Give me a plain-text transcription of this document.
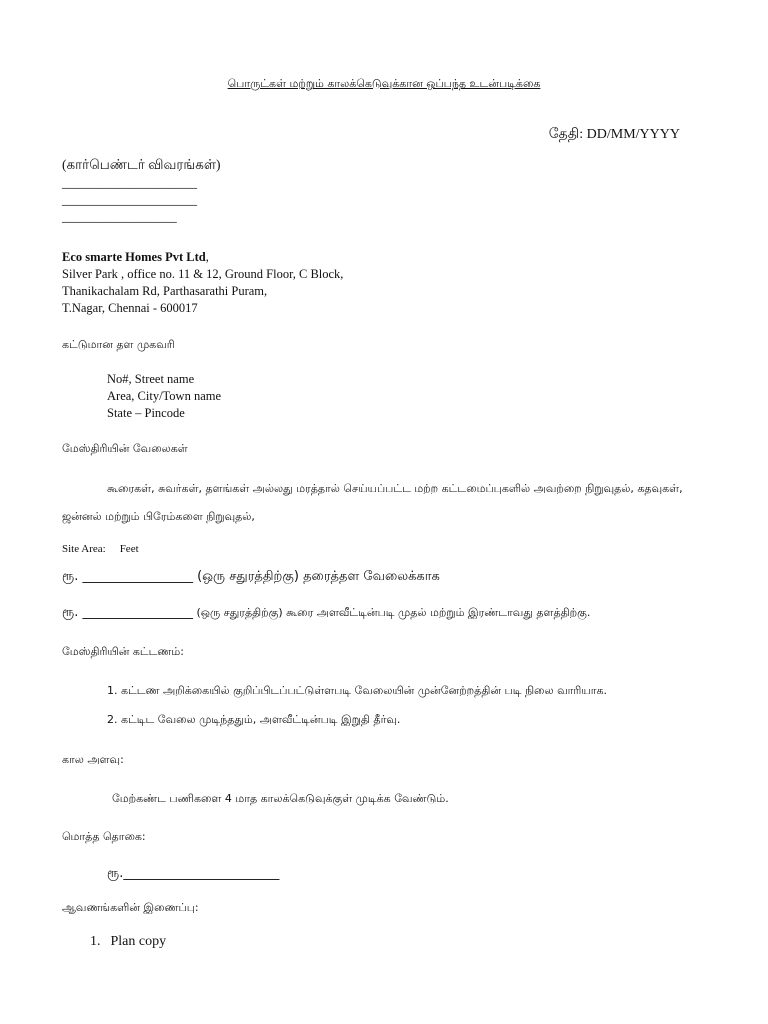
பொருட்கள் மற்றும் காலக்கெடுவுக்கான ஒப்பந்த உடன்படிக்கை
தேதி: DD/MM/YYYY
(கார்பெண்டர் விவரங்கள்)
____________________
____________________
_________________
Eco smarte Homes Pvt Ltd,
Silver Park , office no. 11 & 12, Ground Floor, C Block,
Thanikachalam Rd, Parthasarathi Puram,
T.Nagar, Chennai - 600017
கட்டுமான தள முகவரி
No#, Street name
Area, City/Town name
State – Pincode
மேஸ்திரியின் வேலைகள்
கூரைகள், சுவர்கள், தளங்கள் அல்லது மரத்தால் செய்யப்பட்ட மற்ற கட்டமைப்புகளில் அவற்றை நிறுவுதல், கதவுகள்,
ஜன்னல் மற்றும் பிரேம்களை நிறுவுதல்,
Site Area: Feet
ரூ. _________________ (ஒரு சதுரத்திற்கு) தரைத்தள வேலைக்காக
ரூ. _________________ (ஒரு சதுரத்திற்கு) கூரை அளவீட்டின்படி முதல் மற்றும் இரண்டாவது தளத்திற்கு.
மேஸ்திரியின் கட்டணம்:
1. கட்டண அறிக்கையில் குறிப்பிடப்பட்டுள்ளபடி வேலையின் முன்னேற்றத்தின் படி நிலை வாரியாக.
2. கட்டிட வேலை முடிந்ததும், அளவீட்டின்படி இறுதி தீர்வு.
கால அளவு:
மேற்கண்ட பணிகளை 4 மாத காலக்கெடுவுக்குள் முடிக்க வேண்டும்.
மொத்த தொகை:
ரூ.________________________
ஆவணங்களின் இணைப்பு:
1. Plan copy
